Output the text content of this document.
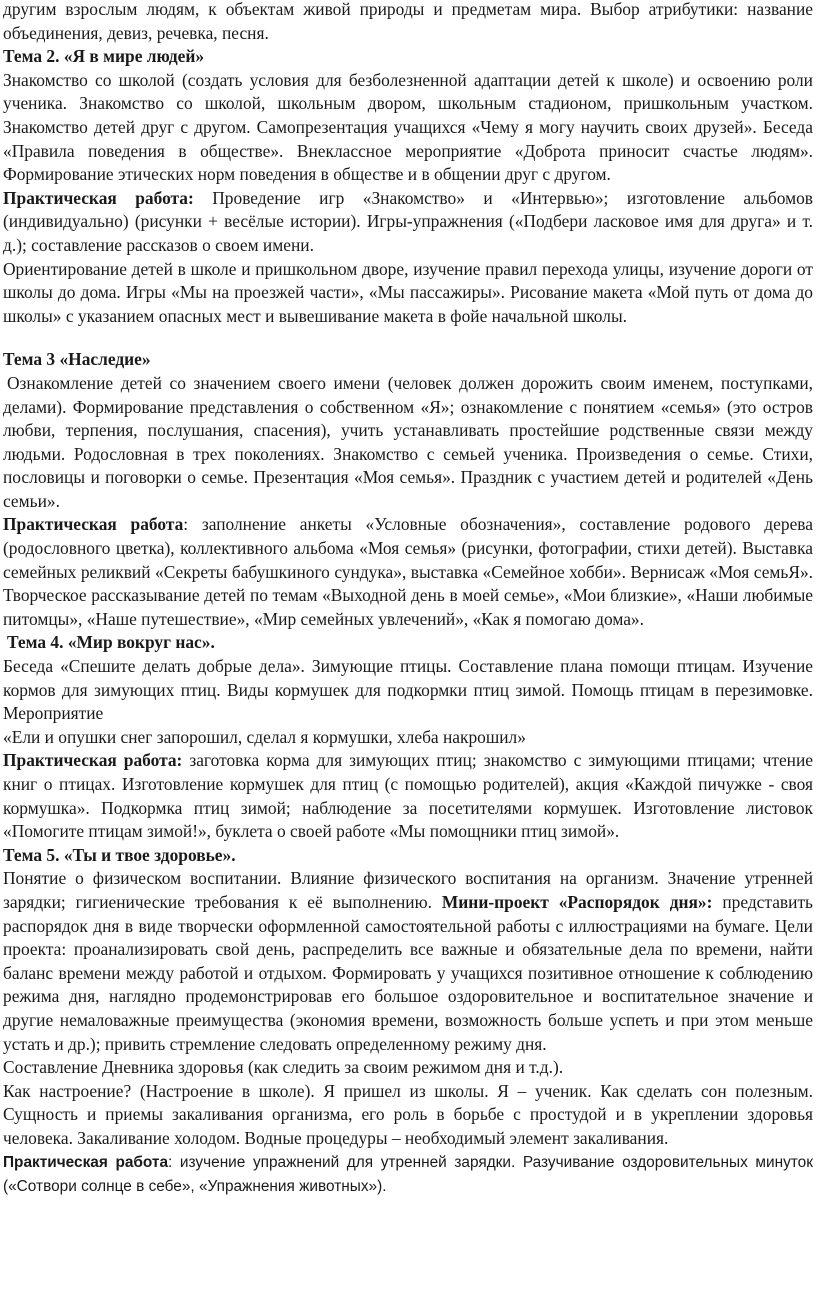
другим взрослым людям, к объектам живой природы и предметам мира. Выбор атрибутики: название объединения, девиз, речевка, песня.

Тема 2. «Я в мире людей»

Знакомство со школой (создать условия для безболезненной адаптации детей к школе) и освоению роли ученика. Знакомство со школой, школьным двором, школьным стадионом, пришкольным участком. Знакомство детей друг с другом. Самопрезентация учащихся «Чему я могу научить своих друзей». Беседа «Правила поведения в обществе». Внеклассное мероприятие «Доброта приносит счастье людям». Формирование этических норм поведения в обществе и в общении друг с другом.

Практическая работа: Проведение игр «Знакомство» и «Интервью»; изготовление альбомов (индивидуально) (рисунки + весёлые истории). Игры-упражнения («Подбери ласковое имя для друга» и т. д.); составление рассказов о своем имени.

Ориентирование детей в школе и пришкольном дворе, изучение правил перехода улицы, изучение дороги от школы до дома. Игры «Мы на проезжей части», «Мы пассажиры». Рисование макета «Мой путь от дома до школы» с указанием опасных мест и вывешивание макета в фойе начальной школы.

Тема 3 «Наследие»

Ознакомление детей со значением своего имени (человек должен дорожить своим именем, поступками, делами). Формирование представления о собственном «Я»; ознакомление с понятием «семья» (это остров любви, терпения, послушания, спасения), учить устанавливать простейшие родственные связи между людьми. Родословная в трех поколениях. Знакомство с семьей ученика. Произведения о семье. Стихи, пословицы и поговорки о семье. Презентация «Моя семья». Праздник с участием детей и родителей «День семьи».

Практическая работа: заполнение анкеты «Условные обозначения», составление родового дерева (родословного цветка), коллективного альбома «Моя семья» (рисунки, фотографии, стихи детей). Выставка семейных реликвий «Секреты бабушкиного сундука», выставка «Семейное хобби». Вернисаж «Моя семьЯ». Творческое рассказывание детей по темам «Выходной день в моей семье», «Мои близкие», «Наши любимые питомцы», «Наше путешествие», «Мир семейных увлечений», «Как я помогаю дома».

Тема 4. «Мир вокруг нас».

Беседа «Спешите делать добрые дела». Зимующие птицы. Составление плана помощи птицам. Изучение кормов для зимующих птиц. Виды кормушек для подкормки птиц зимой. Помощь птицам в перезимовке. Мероприятие

«Ели и опушки снег запорошил, сделал я кормушки, хлеба накрошил»

Практическая работа: заготовка корма для зимующих птиц; знакомство с зимующими птицами; чтение книг о птицах. Изготовление кормушек для птиц (с помощью родителей), акция «Каждой пичужке - своя кормушка». Подкормка птиц зимой; наблюдение за посетителями кормушек. Изготовление листовок «Помогите птицам зимой!», буклета о своей работе «Мы помощники птиц зимой».

Тема 5. «Ты и твое здоровье».

Понятие о физическом воспитании. Влияние физического воспитания на организм. Значение утренней зарядки; гигиенические требования к её выполнению. Мини-проект «Распорядок дня»: представить распорядок дня в виде творчески оформленной самостоятельной работы с иллюстрациями на бумаге. Цели проекта: проанализировать свой день, распределить все важные и обязательные дела по времени, найти баланс времени между работой и отдыхом. Формировать у учащихся позитивное отношение к соблюдению режима дня, наглядно продемонстрировав его большое оздоровительное и воспитательное значение и другие немаловажные преимущества (экономия времени, возможность больше успеть и при этом меньше устать и др.); привить стремление следовать определенному режиму дня.

Составление Дневника здоровья (как следить за своим режимом дня и т.д.).

Как настроение? (Настроение в школе). Я пришел из школы. Я – ученик. Как сделать сон полезным. Сущность и приемы закаливания организма, его роль в борьбе с простудой и в укреплении здоровья человека. Закаливание холодом. Водные процедуры – необходимый элемент закаливания.

Практическая работа: изучение упражнений для утренней зарядки. Разучивание оздоровительных минуток («Сотвори солнце в себе», «Упражнения животных»).
